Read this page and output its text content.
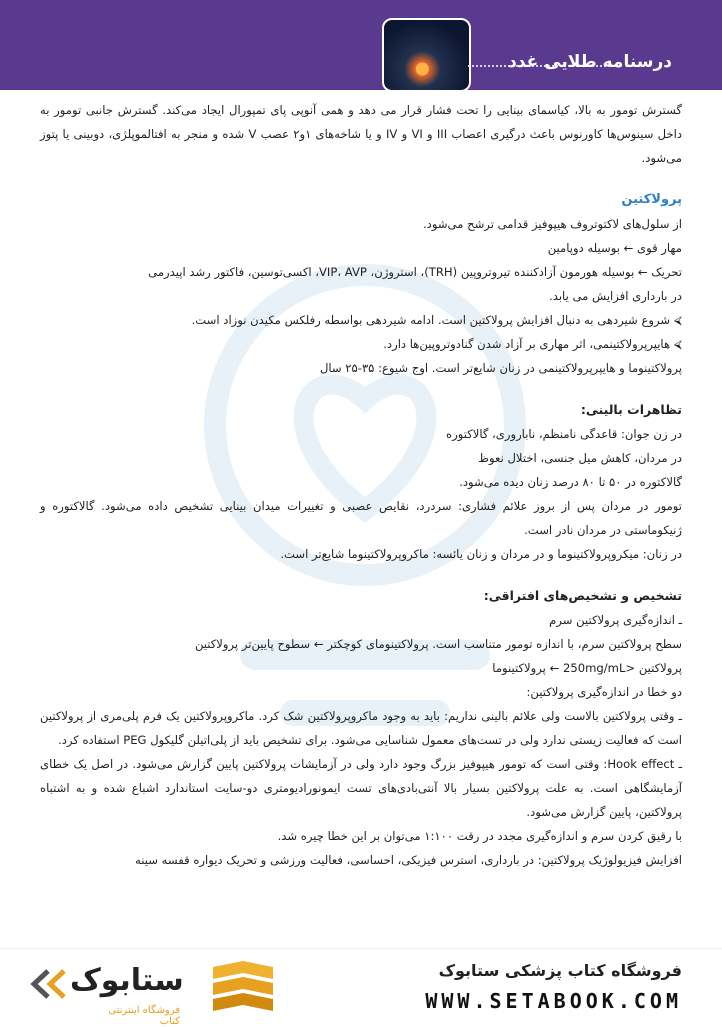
درسنامه طلایی غدد

گسترش تومور به بالا، کیاسمای بینایی را تحت فشار قرار می دهد و همی آنوپی پای تمپورال ایجاد می‌کند. گسترش جانبی تومور به داخل سینوس‌ها کاورنوس باعث درگیری اعصاب III و VI و IV و یا شاخه‌های ۱و۲ عصب V شده و منجر به افتالموپلژی، دوبینی یا پتوز می‌شود.

پرولاکتین

از سلول‌های لاکتوتروف هیپوفیز قدامی ترشح می‌شود.

مهار قوی ← بوسیله دوپامین

تحریک ← بوسیله هورمون آزادکننده تیروتروپین (TRH)، استروژن، VIP، AVP، اکسی‌توسین، فاکتور رشد اپیدرمی

در بارداری افزایش می یابد.

⮘ شروع شیردهی به دنبال افزایش پرولاکتین است. ادامه شیردهی بواسطه رفلکس مکیدن نوزاد است.

⮘ هایپرپرولاکتینمی، اثر مهاری بر آزاد شدن گنادوتروپین‌ها دارد.

پرولاکتینوما و هایپرپرولاکتینمی در زنان شایع‌تر است. اوج شیوع: ۳۵-۲۵ سال

تظاهرات بالینی:

در زن جوان: قاعدگی نامنظم، ناباروری، گالاکتوره

در مردان، کاهش میل جنسی، اختلال نعوظ

گالاکتوره در ۵۰ تا ۸۰ درصد زنان دیده می‌شود.

تومور در مردان پس از بروز علائم فشاری: سردرد، نقایص عصبی و تغییرات میدان بینایی تشخیص داده می‌شود. گالاکتوره و ژنیکوماستی در مردان نادر است.

در زنان: میکروپرولاکتینوما و در مردان و زنان یائسه: ماکروپرولاکتینوما شایع‌تر است.

تشخیص و تشخیص‌های افتراقی:

ـ اندازه‌گیری پرولاکتین سرم

سطح پرولاکتین سرم، با اندازه تومور متناسب است. پرولاکتینومای کوچکتر ← سطوح پایین‌تر پرولاکتین

پرولاکتین <250mg/mL ← پرولاکتینوما

دو خطا در اندازه‌گیری پرولاکتین:

ـ وقتی پرولاکتین بالاست ولی علائم بالینی نداریم: باید به وجود ماکروپرولاکتین شک کرد. ماکروپرولاکتین یک فرم پلی‌مری از پرولاکتین است که فعالیت زیستی ندارد ولی در تست‌های معمول شناسایی می‌شود. برای تشخیص باید از پلی‌اتیلن گلیکول PEG استفاده کرد.

ـ Hook effect: وقتی است که تومور هیپوفیز بزرگ وجود دارد ولی در آزمایشات پرولاکتین پایین گزارش می‌شود. در اصل یک خطای آزمایشگاهی است. به علت پرولاکتین بسیار بالا آنتی‌بادی‌های تست ایمونورادیومتری دو-سایت استاندارد اشباع شده و به اشتباه پرولاکتین، پایین گزارش می‌شود.

با رقیق کردن سرم و اندازه‌گیری مجدد در رقت ۱:۱۰۰ می‌توان بر این خطا چیره شد.

افزایش فیزیولوژیک پرولاکتین: در بارداری، استرس فیزیکی، احساسی، فعالیت ورزشی و تحریک دیواره قفسه سینه

ستابوک
فروشگاه اینترنتی کتاب
فروشگاه کتاب پزشکی ستابوک
WWW.SETABOOK.COM
